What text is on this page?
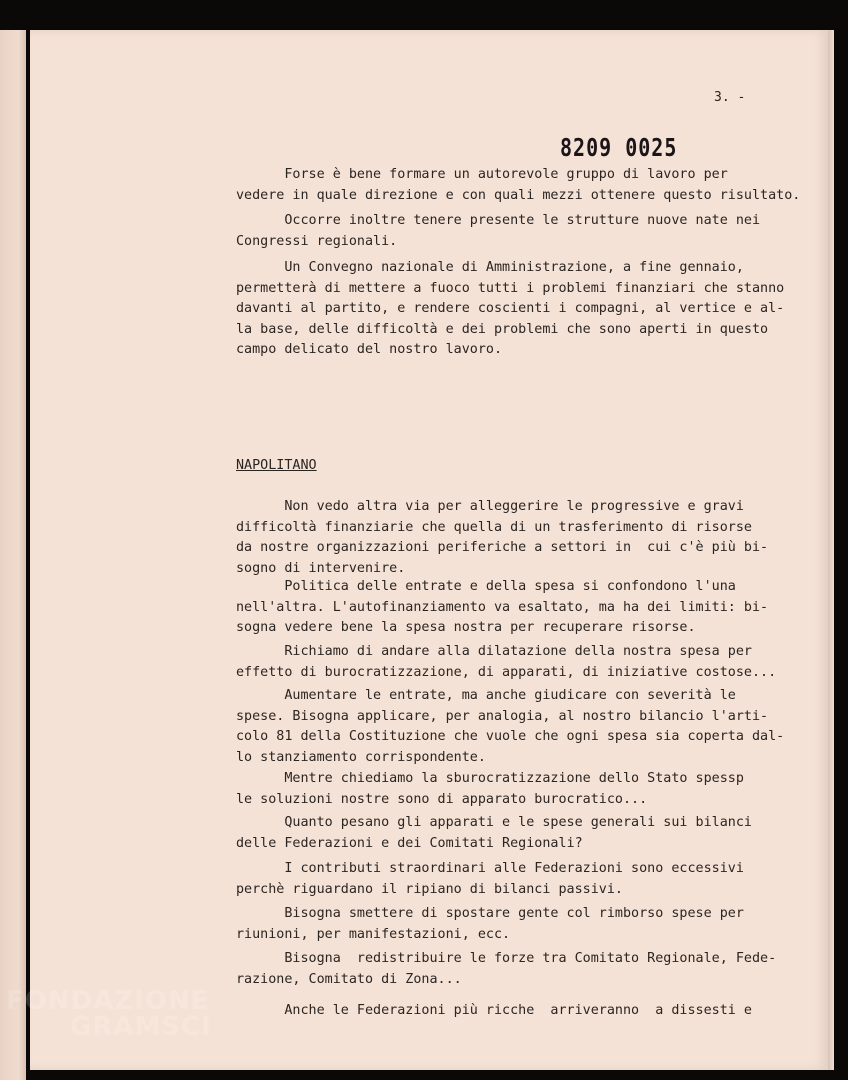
3. -
8209 0025
Forse è bene formare un autorevole gruppo di lavoro per
vedere in quale direzione e con quali mezzi ottenere questo risultato.
Occorre inoltre tenere presente le strutture nuove nate nei
Congressi regionali.
Un Convegno nazionale di Amministrazione, a fine gennaio,
permetterà di mettere a fuoco tutti i problemi finanziari che stanno
davanti al partito, e rendere coscienti i compagni, al vertice e al-
la base, delle difficoltà e dei problemi che sono aperti in questo
campo delicato del nostro lavoro.
NAPOLITANO
Non vedo altra via per alleggerire le progressive e gravi
difficoltà finanziarie che quella di un trasferimento di risorse
da nostre organizzazioni periferiche a settori in  cui c'è più bi-
sogno di intervenire.
Politica delle entrate e della spesa si confondono l'una
nell'altra. L'autofinanziamento va esaltato, ma ha dei limiti: bi-
sogna vedere bene la spesa nostra per recuperare risorse.
Richiamo di andare alla dilatazione della nostra spesa per
effetto di burocratizzazione, di apparati, di iniziative costose...
Aumentare le entrate, ma anche giudicare con severità le
spese. Bisogna applicare, per analogia, al nostro bilancio l'arti-
colo 81 della Costituzione che vuole che ogni spesa sia coperta dal-
lo stanziamento corrispondente.
Mentre chiediamo la sburocratizzazione dello Stato spessp
le soluzioni nostre sono di apparato burocratico...
Quanto pesano gli apparati e le spese generali sui bilanci
delle Federazioni e dei Comitati Regionali?
I contributi straordinari alle Federazioni sono eccessivi
perchè riguardano il ripiano di bilanci passivi.
Bisogna smettere di spostare gente col rimborso spese per
riunioni, per manifestazioni, ecc.
Bisogna  redistribuire le forze tra Comitato Regionale, Fede-
razione, Comitato di Zona...
Anche le Federazioni più ricche  arriveranno  a dissesti e
FONDAZIONE
GRAMSCI
